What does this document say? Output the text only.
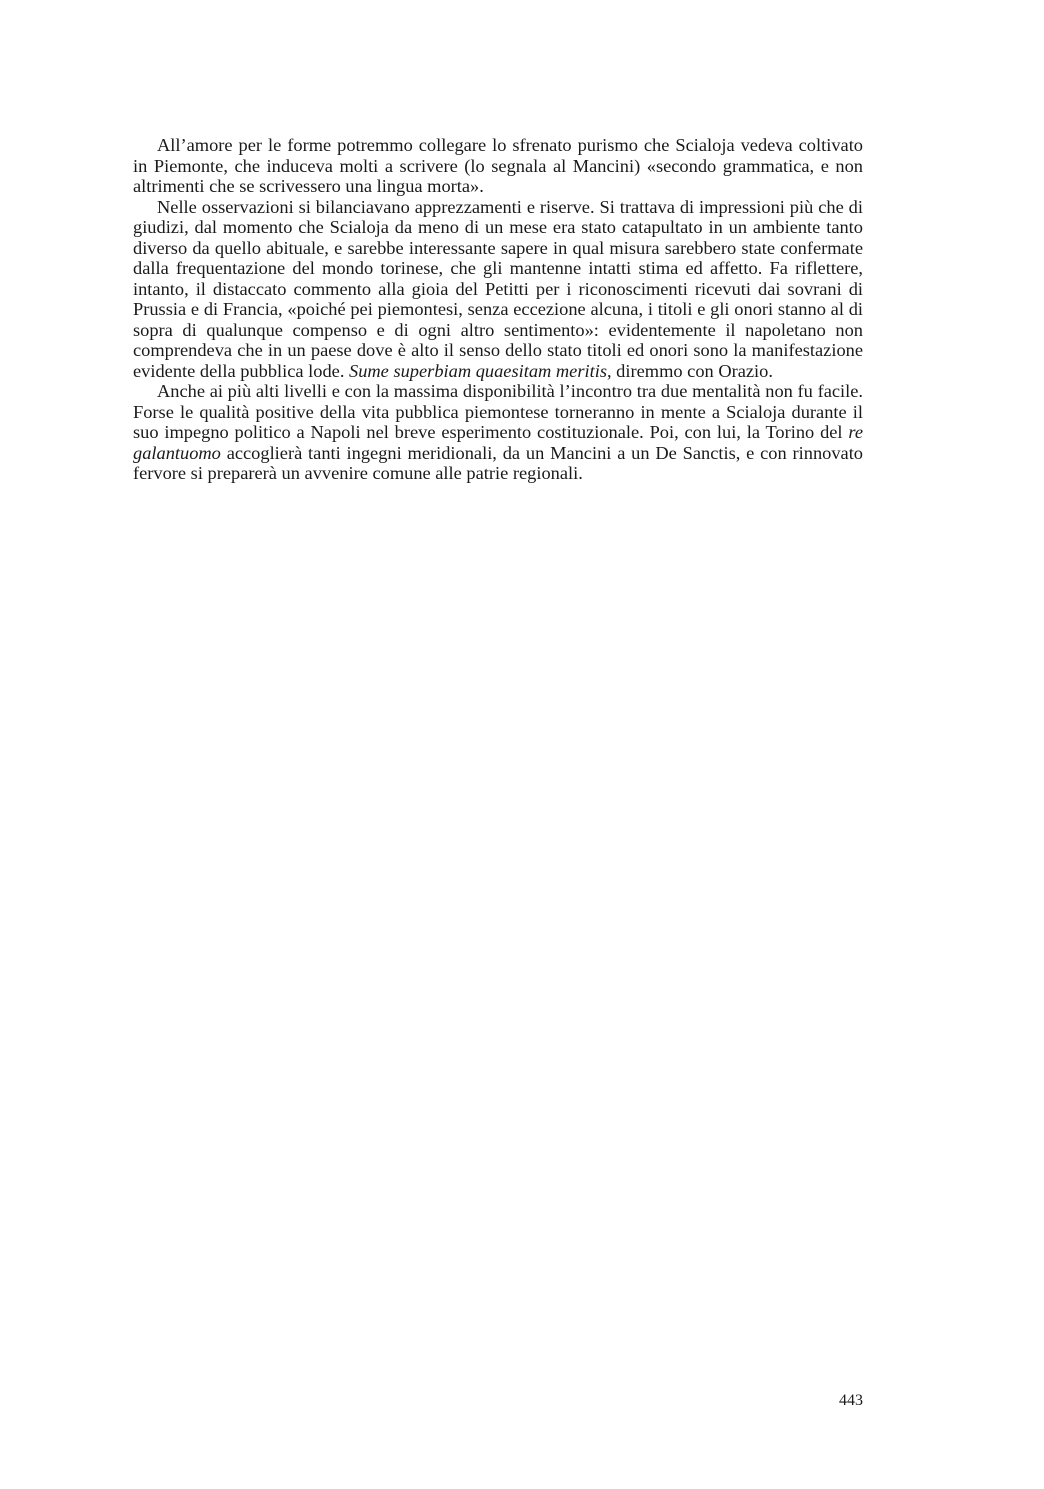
All’amore per le forme potremmo collegare lo sfrenato purismo che Scialoja vedeva coltivato in Piemonte, che induceva molti a scrivere (lo segnala al Mancini) «secondo grammatica, e non altrimenti che se scrivessero una lingua morta».

Nelle osservazioni si bilanciavano apprezzamenti e riserve. Si trattava di impressioni più che di giudizi, dal momento che Scialoja da meno di un mese era stato catapultato in un ambiente tanto diverso da quello abituale, e sarebbe interessante sapere in qual misura sarebbero state confermate dalla frequentazione del mondo torinese, che gli mantenne intatti stima ed affetto. Fa riflettere, intanto, il distaccato commento alla gioia del Petitti per i riconoscimenti ricevuti dai sovrani di Prussia e di Francia, «poiché pei piemontesi, senza eccezione alcuna, i titoli e gli onori stanno al di sopra di qualunque compenso e di ogni altro sentimento»: evidentemente il napoletano non comprendeva che in un paese dove è alto il senso dello stato titoli ed onori sono la manifestazione evidente della pubblica lode. Sume superbiam quaesitam meritis, diremmo con Orazio.

Anche ai più alti livelli e con la massima disponibilità l’incontro tra due mentalità non fu facile. Forse le qualità positive della vita pubblica piemontese torneranno in mente a Scialoja durante il suo impegno politico a Napoli nel breve esperimento costituzionale. Poi, con lui, la Torino del re galantuomo accoglierà tanti ingegni meridionali, da un Mancini a un De Sanctis, e con rinnovato fervore si preparerà un avvenire comune alle patrie regionali.

443
